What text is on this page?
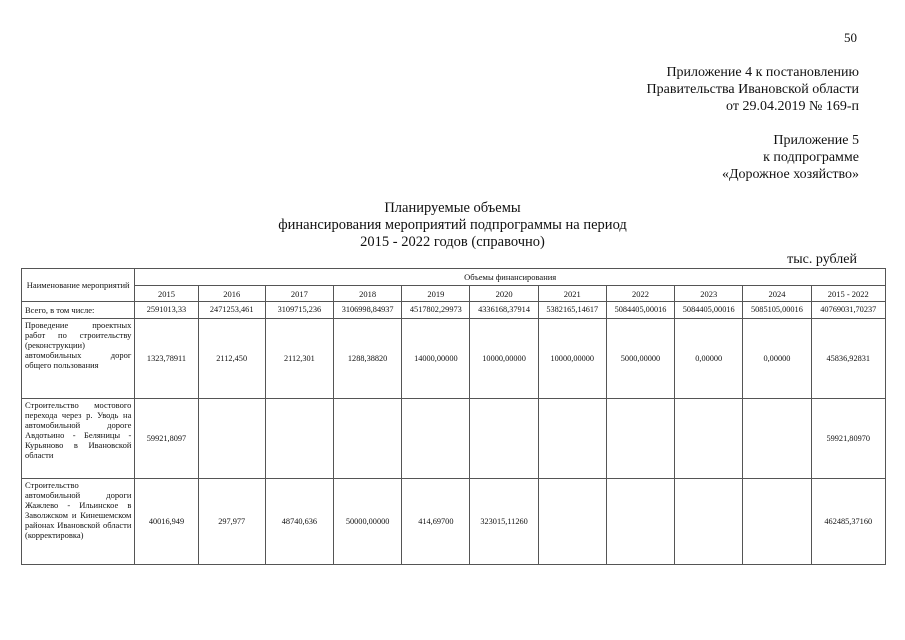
50
Приложение 4 к постановлению
Правительства Ивановской области
от 29.04.2019 № 169-п
Приложение 5
к подпрограмме
«Дорожное хозяйство»
Планируемые объемы
финансирования мероприятий подпрограммы на период
2015 - 2022 годов (справочно)
тыс. рублей
Наименование мероприятий	Объемы финансирования										
	2015	2016	2017	2018	2019	2020	2021	2022	2023	2024	2015 - 2022
Всего, в том числе:	2591013,33	2471253,461	3109715,236	3106998,84937	4517802,29973	4336168,37914	5382165,14617	5084405,00016	5084405,00016	5085105,00016	40769031,70237
Проведение проектных работ по строительству (реконструкции) автомобильных дорог общего пользования	1323,78911	2112,450	2112,301	1288,38820	14000,00000	10000,00000	10000,00000	5000,00000	0,00000	0,00000	45836,92831
Строительство мостового перехода через р. Уводь на автомобильной дороге Авдотьино - Беляницы - Курьяново в Ивановской области	59921,8097										59921,80970
Строительство автомобильной дороги Жажлево - Ильинское в Заволжском и Кинешемском районах Ивановской области (корректировка)	40016,949	297,977	48740,636	50000,00000	414,69700	323015,11260					462485,37160
